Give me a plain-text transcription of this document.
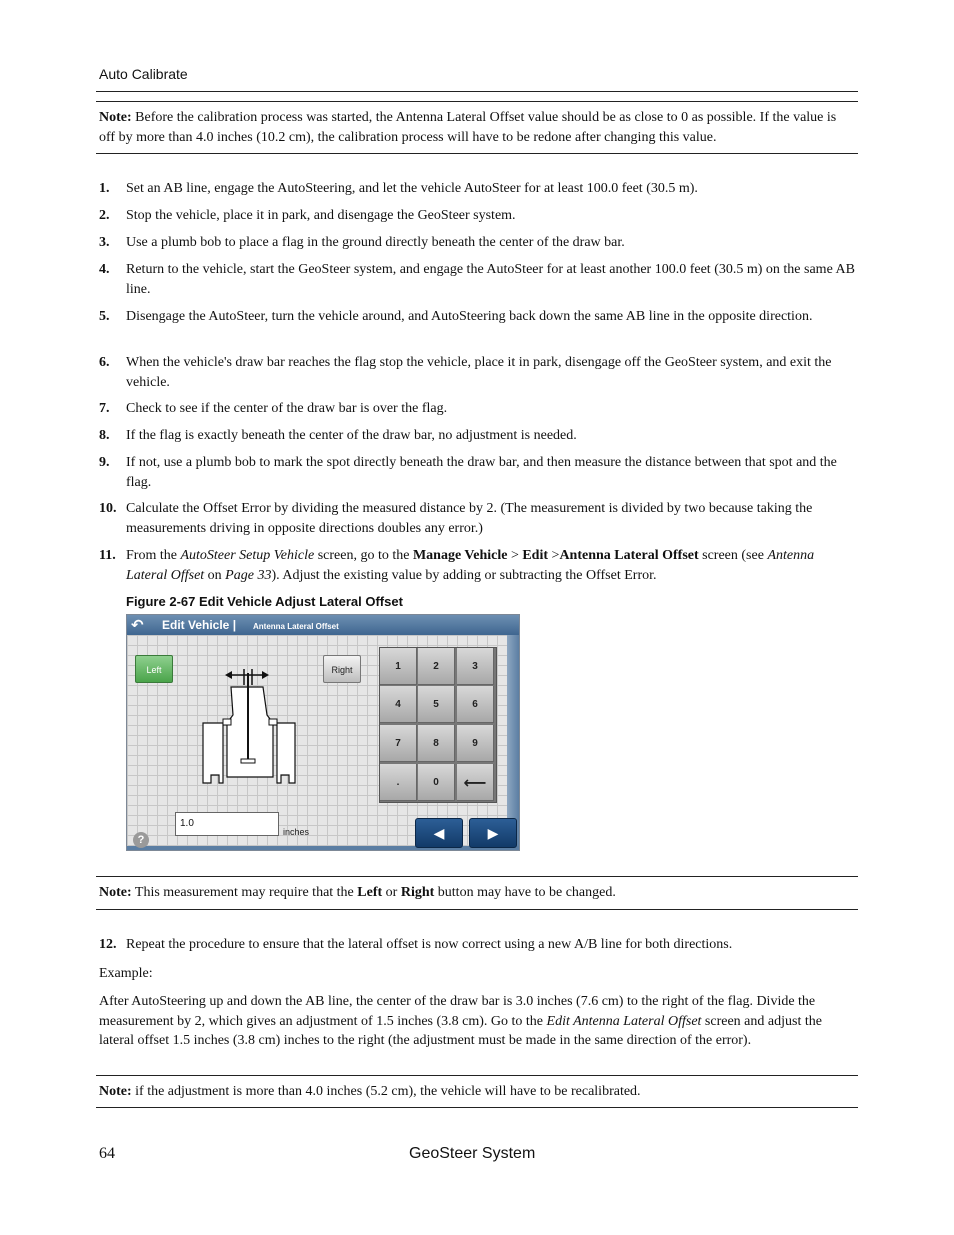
Auto Calibrate
Note: Before the calibration process was started, the Antenna Lateral Offset value should be as close to 0 as possible. If the value is off by more than 4.0 inches (10.2 cm), the calibration process will have to be redone after changing this value.
1. Set an AB line, engage the AutoSteering, and let the vehicle AutoSteer for at least 100.0 feet (30.5 m).
2. Stop the vehicle, place it in park, and disengage the GeoSteer system.
3. Use a plumb bob to place a flag in the ground directly beneath the center of the draw bar.
4. Return to the vehicle, start the GeoSteer system, and engage the AutoSteer for at least another 100.0 feet (30.5 m) on the same AB line.
5. Disengage the AutoSteer, turn the vehicle around, and AutoSteering back down the same AB line in the opposite direction.
6. When the vehicle's draw bar reaches the flag stop the vehicle, place it in park, disengage off the GeoSteer system, and exit the vehicle.
7. Check to see if the center of the draw bar is over the flag.
8. If the flag is exactly beneath the center of the draw bar, no adjustment is needed.
9. If not, use a plumb bob to mark the spot directly beneath the draw bar, and then measure the distance between that spot and the flag.
10. Calculate the Offset Error by dividing the measured distance by 2. (The measurement is divided by two because taking the measurements driving in opposite directions doubles any error.)
11. From the AutoSteer Setup Vehicle screen, go to the Manage Vehicle > Edit >Antenna Lateral Offset screen (see Antenna Lateral Offset on Page 33). Adjust the existing value by adding or subtracting the Offset Error.
Figure 2-67 Edit Vehicle Adjust Lateral Offset
↶	Edit Vehicle | Antenna Lateral Offset
Left	Right	1	2	3
4	5	6
7	8	9
.	0	⟵
1.0
inches
?	◀	▶
Note: This measurement may require that the Left or Right button may have to be changed.
12. Repeat the procedure to ensure that the lateral offset is now correct using a new A/B line for both directions.
Example:
After AutoSteering up and down the AB line, the center of the draw bar is 3.0 inches (7.6 cm) to the right of the flag. Divide the measurement by 2, which gives an adjustment of 1.5 inches (3.8 cm). Go to the Edit Antenna Lateral Offset screen and adjust the lateral offset 1.5 inches (3.8 cm) inches to the right (the adjustment must be made in the same direction of the error).
Note: if the adjustment is more than 4.0 inches (5.2 cm), the vehicle will have to be recalibrated.
64	GeoSteer System
